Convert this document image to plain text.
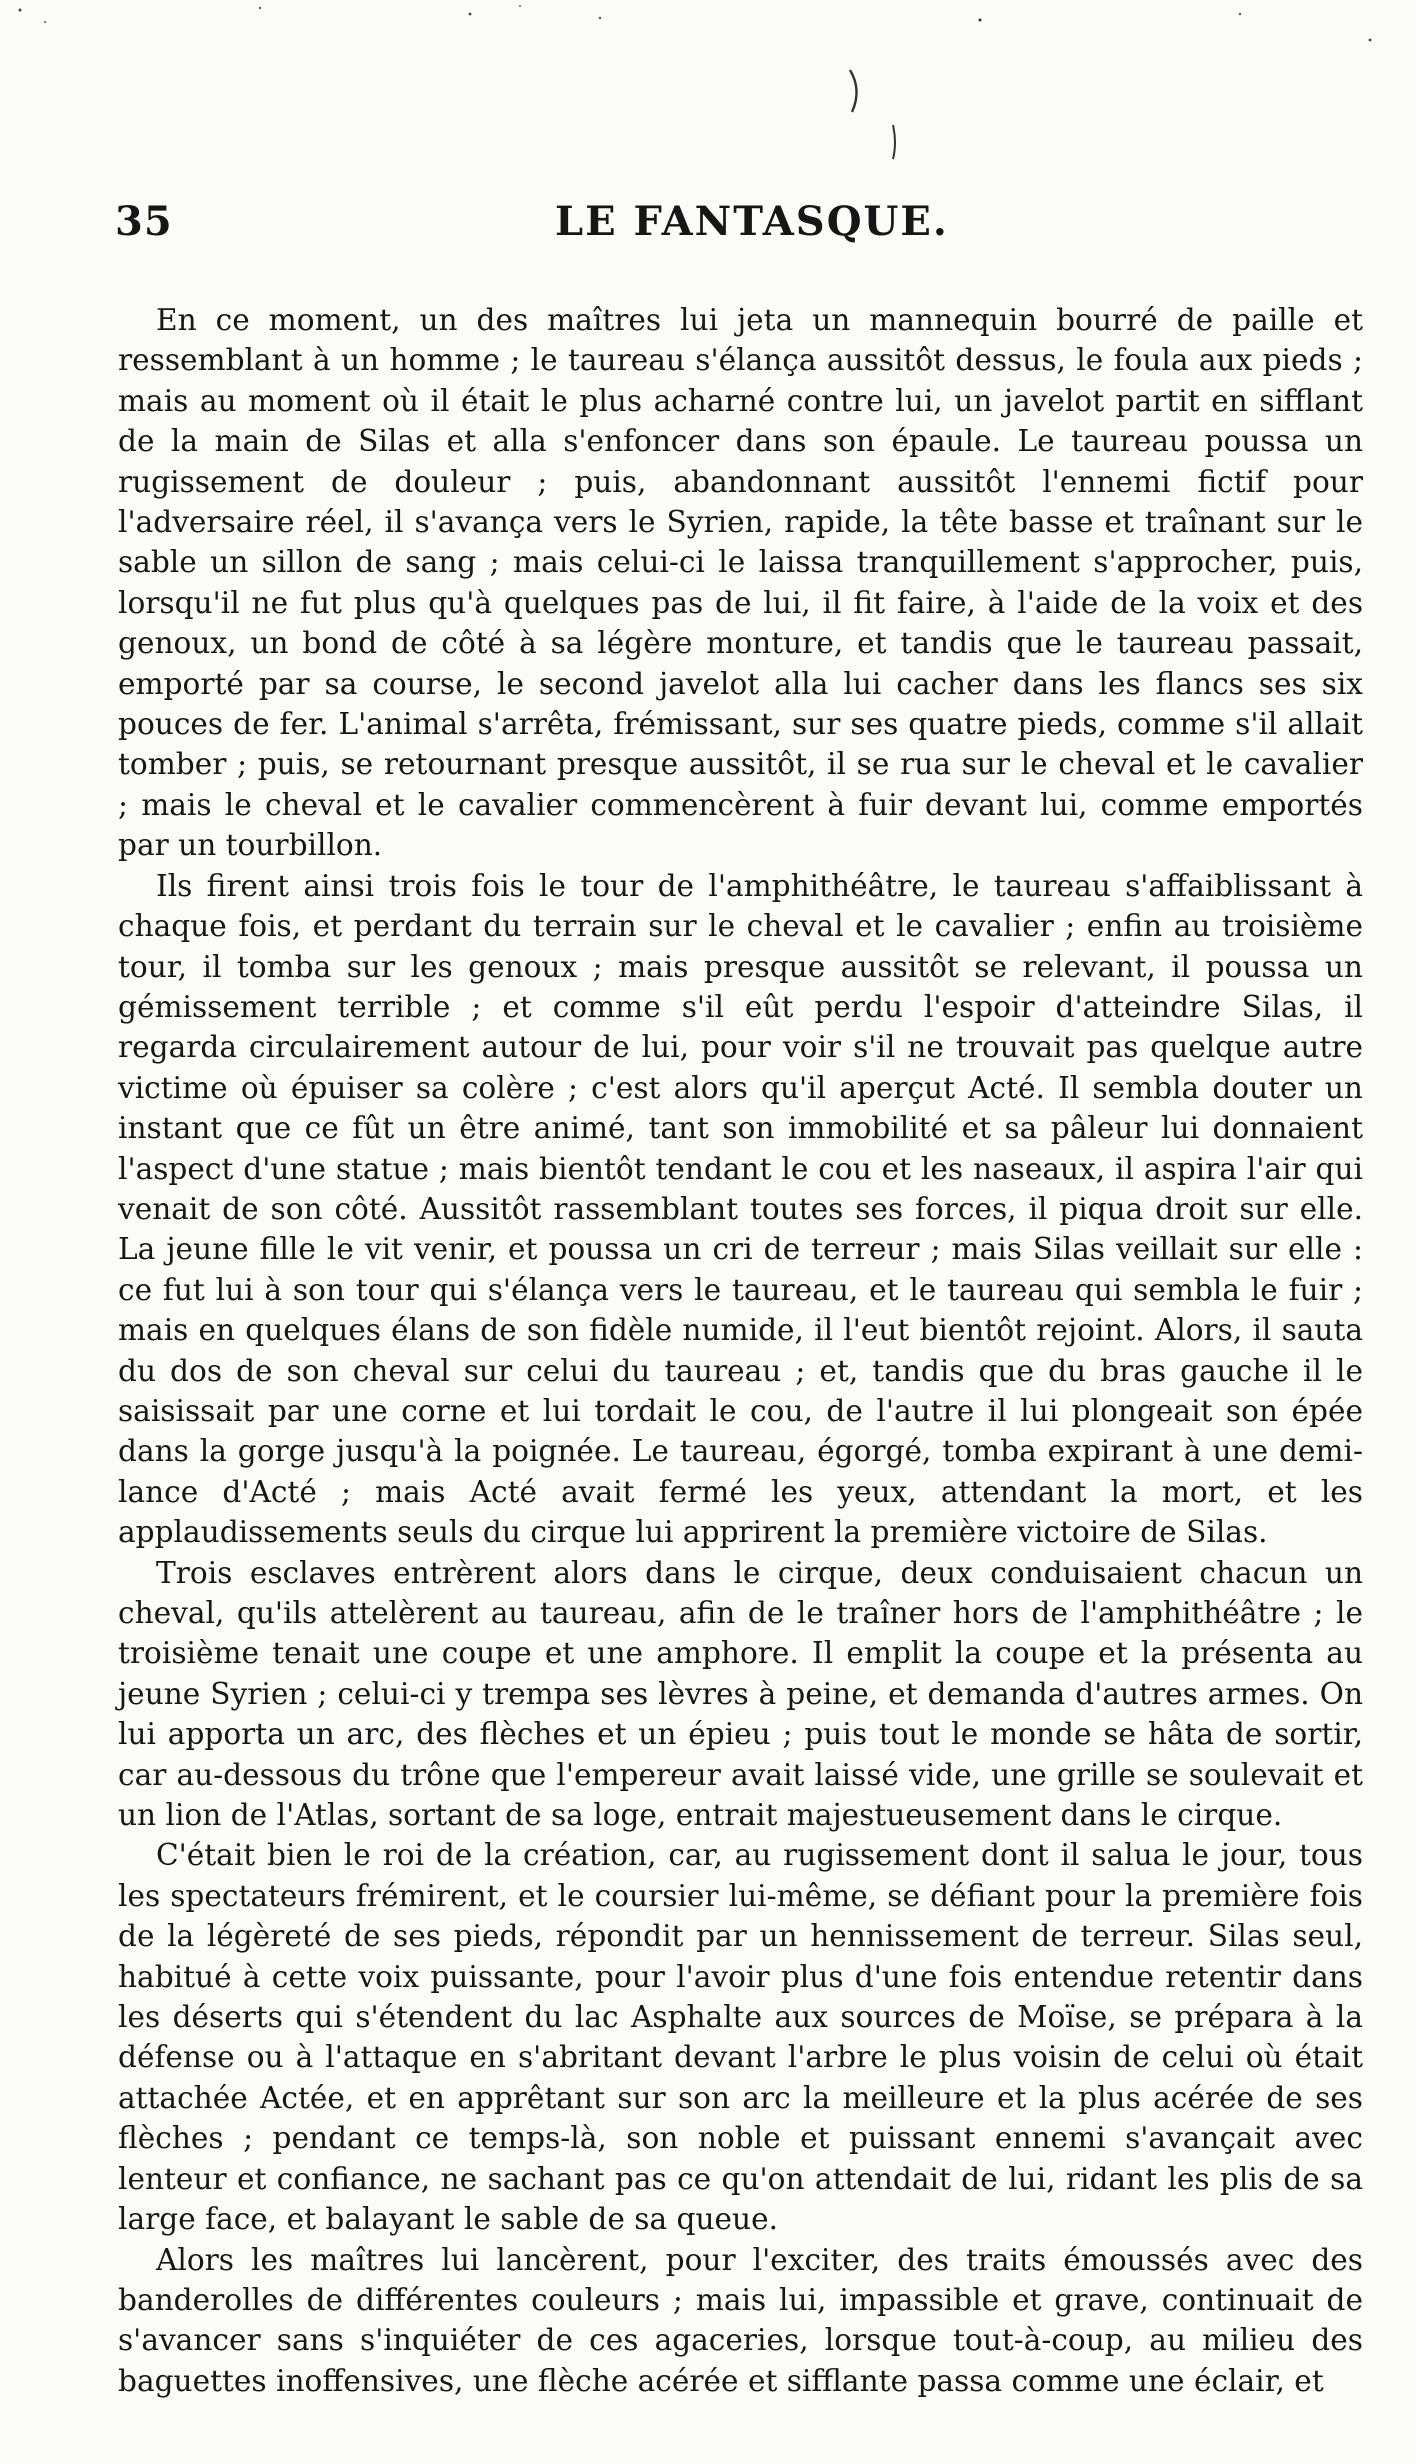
35	LE FANTASQUE.

En ce moment, un des maîtres lui jeta un mannequin bourré de paille et ressemblant à un homme ; le taureau s'élança aussitôt dessus, le foula aux pieds ; mais au moment où il était le plus acharné contre lui, un javelot partit en sifflant de la main de Silas et alla s'enfoncer dans son épaule. Le taureau poussa un rugissement de douleur ; puis, abandonnant aussitôt l'ennemi fictif pour l'adversaire réel, il s'avança vers le Syrien, rapide, la tête basse et traînant sur le sable un sillon de sang ; mais celui-ci le laissa tranquillement s'approcher, puis, lorsqu'il ne fut plus qu'à quelques pas de lui, il fit faire, à l'aide de la voix et des genoux, un bond de côté à sa légère monture, et tandis que le taureau passait, emporté par sa course, le second javelot alla lui cacher dans les flancs ses six pouces de fer. L'animal s'arrêta, frémissant, sur ses quatre pieds, comme s'il allait tomber ; puis, se retournant presque aussitôt, il se rua sur le cheval et le cavalier ; mais le cheval et le cavalier commencèrent à fuir devant lui, comme emportés par un tourbillon.

Ils firent ainsi trois fois le tour de l'amphithéâtre, le taureau s'affaiblissant à chaque fois, et perdant du terrain sur le cheval et le cavalier ; enfin au troisième tour, il tomba sur les genoux ; mais presque aussitôt se relevant, il poussa un gémissement terrible ; et comme s'il eût perdu l'espoir d'atteindre Silas, il regarda circulairement autour de lui, pour voir s'il ne trouvait pas quelque autre victime où épuiser sa colère ; c'est alors qu'il aperçut Acté. Il sembla douter un instant que ce fût un être animé, tant son immobilité et sa pâleur lui donnaient l'aspect d'une statue ; mais bientôt tendant le cou et les naseaux, il aspira l'air qui venait de son côté. Aussitôt rassemblant toutes ses forces, il piqua droit sur elle. La jeune fille le vit venir, et poussa un cri de terreur ; mais Silas veillait sur elle : ce fut lui à son tour qui s'élança vers le taureau, et le taureau qui sembla le fuir ; mais en quelques élans de son fidèle numide, il l'eut bientôt rejoint. Alors, il sauta du dos de son cheval sur celui du taureau ; et, tandis que du bras gauche il le saisissait par une corne et lui tordait le cou, de l'autre il lui plongeait son épée dans la gorge jusqu'à la poignée. Le taureau, égorgé, tomba expirant à une demi-lance d'Acté ; mais Acté avait fermé les yeux, attendant la mort, et les applaudissements seuls du cirque lui apprirent la première victoire de Silas.

Trois esclaves entrèrent alors dans le cirque, deux conduisaient chacun un cheval, qu'ils attelèrent au taureau, afin de le traîner hors de l'amphithéâtre ; le troisième tenait une coupe et une amphore. Il emplit la coupe et la présenta au jeune Syrien ; celui-ci y trempa ses lèvres à peine, et demanda d'autres armes. On lui apporta un arc, des flèches et un épieu ; puis tout le monde se hâta de sortir, car au-dessous du trône que l'empereur avait laissé vide, une grille se soulevait et un lion de l'Atlas, sortant de sa loge, entrait majestueusement dans le cirque.

C'était bien le roi de la création, car, au rugissement dont il salua le jour, tous les spectateurs frémirent, et le coursier lui-même, se défiant pour la première fois de la légèreté de ses pieds, répondit par un hennissement de terreur. Silas seul, habitué à cette voix puissante, pour l'avoir plus d'une fois entendue retentir dans les déserts qui s'étendent du lac Asphalte aux sources de Moïse, se prépara à la défense ou à l'attaque en s'abritant devant l'arbre le plus voisin de celui où était attachée Actée, et en apprêtant sur son arc la meilleure et la plus acérée de ses flèches ; pendant ce temps-là, son noble et puissant ennemi s'avançait avec lenteur et confiance, ne sachant pas ce qu'on attendait de lui, ridant les plis de sa large face, et balayant le sable de sa queue.

Alors les maîtres lui lancèrent, pour l'exciter, des traits émoussés avec des banderolles de différentes couleurs ; mais lui, impassible et grave, continuait de s'avancer sans s'inquiéter de ces agaceries, lorsque tout-à-coup, au milieu des baguettes inoffensives, une flèche acérée et sifflante passa comme une éclair, et
